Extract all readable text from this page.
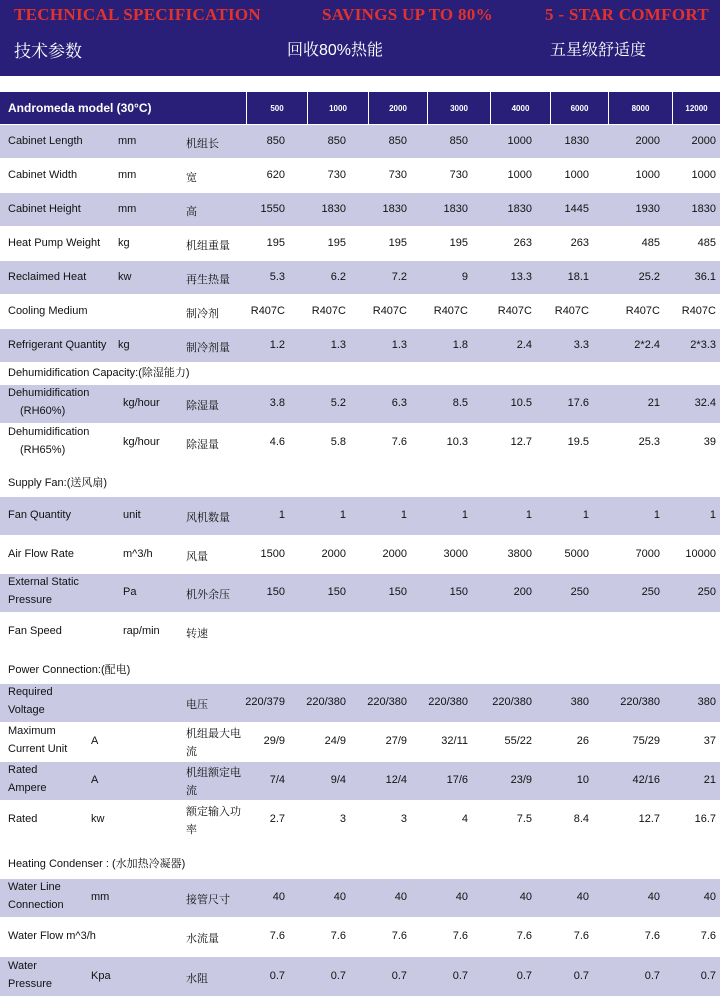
TECHNICAL SPECIFICATION	SAVINGS UP TO 80%	5 - STAR COMFORT
技术参数	回收80%热能	五星级舒适度
Andromeda model (30°C)	500	1000	2000	3000	4000	6000	8000	12000
Cabinet Length	mm	机组长	850	850	850	850	1000	1830	2000	2000
Cabinet Width	mm	宽	620	730	730	730	1000	1000	1000	1000
Cabinet Height	mm	高	1550	1830	1830	1830	1830	1445	1930	1830
Heat Pump Weight kg	机组重量	195	195	195	195	263	263	485	485
Reclaimed Heat	kw	再生热量	5.3	6.2	7.2	9	13.3	18.1	25.2	36.1
Cooling Medium	制冷剂	R407C	R407C	R407C	R407C	R407C	R407C	R407C	R407C
Refrigerant Quantity kg	制冷剂量	1.2	1.3	1.3	1.8	2.4	3.3	2*2.4	2*3.3
Dehumidification Capacity:(除湿能力)
Dehumidification
(RH60%)
kg/hour 除湿量	3.8	5.2	6.3	8.5	10.5	17.6	21	32.4
Dehumidification
(RH65%)
kg/hour 除湿量	4.6	5.8	7.6	10.3	12.7	19.5	25.3	39
Supply Fan:(送风扇)
Fan Quantity	unit	风机数量	1	1	1	1	1	1	1	1
Air Flow Rate	m^3/h	风量	1500	2000	2000	3000	3800	5000	7000	10000
External Static
Pressure
Pa	机外余压	150	150	150	150	200	250	250	250
Fan Speed	rap/min 转速
Power Connection:(配电)
Required
Voltage	电压	220/379	220/380	220/380	220/380	220/380	380	220/380	380
Maximum
Current Unit
A
机组最大电
流
29/9	24/9	27/9	32/11	55/22	26	75/29	37
Rated
Ampere
A
机组额定电
流
7/4	9/4	12/4	17/6	23/9	10	42/16	21
Rated	kw
额定输入功
率
2.7	3	3	4	7.5	8.4	12.7	16.7
Heating Condenser : (水加热冷凝器)
Water Line
Connection
mm	接管尺寸	40	40	40	40	40	40	40	40
Water Flow m^3/h	水流量	7.6	7.6	7.6	7.6	7.6	7.6	7.6	7.6
Water
Pressure
Kpa	水阻	0.7	0.7	0.7	0.7	0.7	0.7	0.7	0.7
